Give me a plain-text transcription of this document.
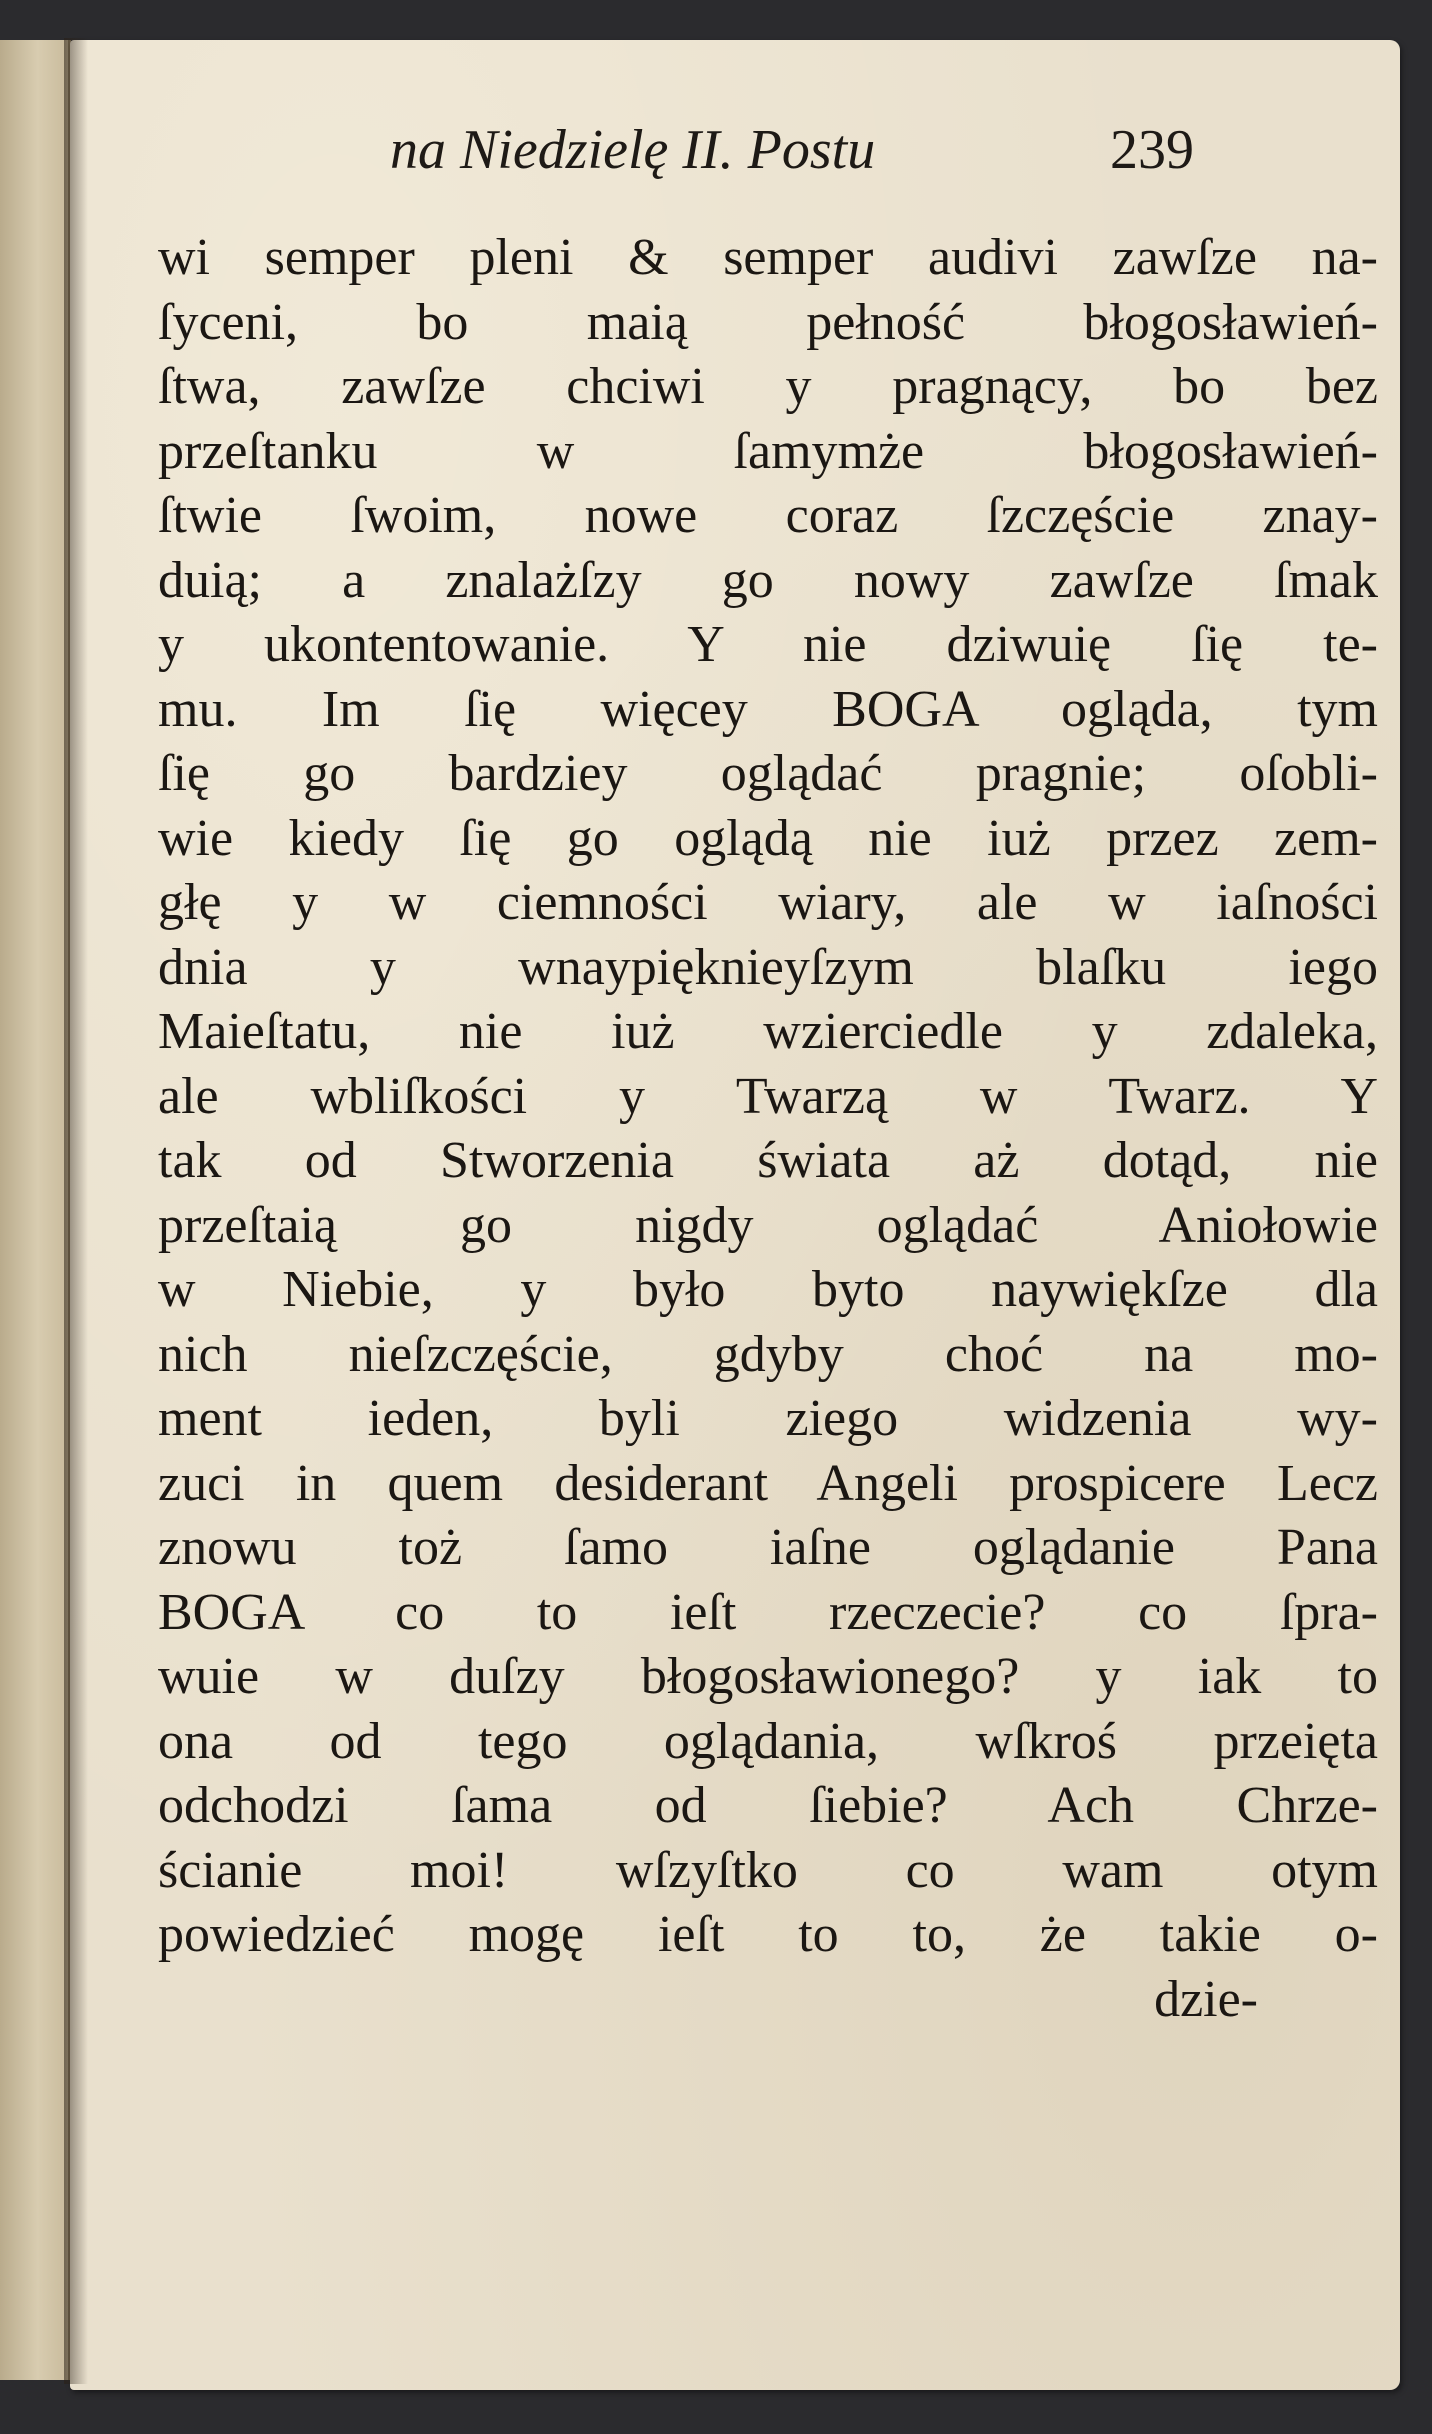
na Niedzielę II. Postu	239
wi semper pleni & semper audivi zawſze na-
ſyceni, bo maią pełność błogosławień-
ſtwa, zawſze chciwi y pragnący, bo bez
przeſtanku w ſamymże błogosławień-
ſtwie ſwoim, nowe coraz ſzczęście znay-
duią; a znalażſzy go nowy zawſze ſmak
y ukontentowanie. Y nie dziwuię ſię te-
mu. Im ſię więcey BOGA ogląda, tym
ſię go bardziey oglądać pragnie; oſobli-
wie kiedy ſię go oglądą nie iuż przez zem-
głę y w ciemności wiary, ale w iaſności
dnia y wnaypięknieyſzym blaſku iego
Maieſtatu, nie iuż wzierciedle y zdaleka,
ale wbliſkości y Twarzą w Twarz. Y
tak od Stworzenia świata aż dotąd, nie
przeſtaią go nigdy oglądać Aniołowie
w Niebie, y było byto naywiękſze dla
nich nieſzczęście, gdyby choć na mo-
ment ieden, byli ziego widzenia wy-
zuci in quem desiderant Angeli prospicere Lecz
znowu toż ſamo iaſne oglądanie Pana
BOGA co to ieſt rzeczecie? co ſpra-
wuie w duſzy błogosławionego? y iak to
ona od tego oglądania, wſkroś przeięta
odchodzi ſama od ſiebie? Ach Chrze-
ścianie moi! wſzyſtko co wam otym
powiedzieć mogę ieſt to to, że takie o-
dzie-
